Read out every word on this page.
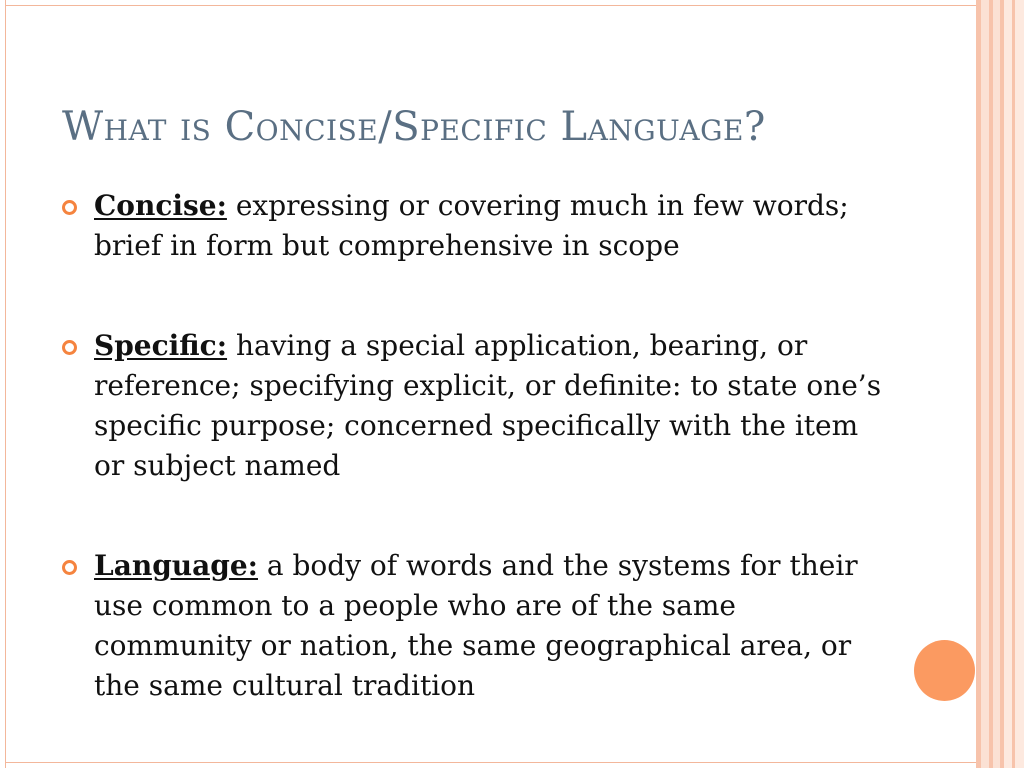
What is Concise/Specific Language?
Concise: expressing or covering much in few words; brief in form but comprehensive in scope
Specific: having a special application, bearing, or reference; specifying explicit, or definite: to state one’s specific purpose; concerned specifically with the item or subject named
Language: a body of words and the systems for their use common to a people who are of the same community or nation, the same geographical area, or the same cultural tradition
